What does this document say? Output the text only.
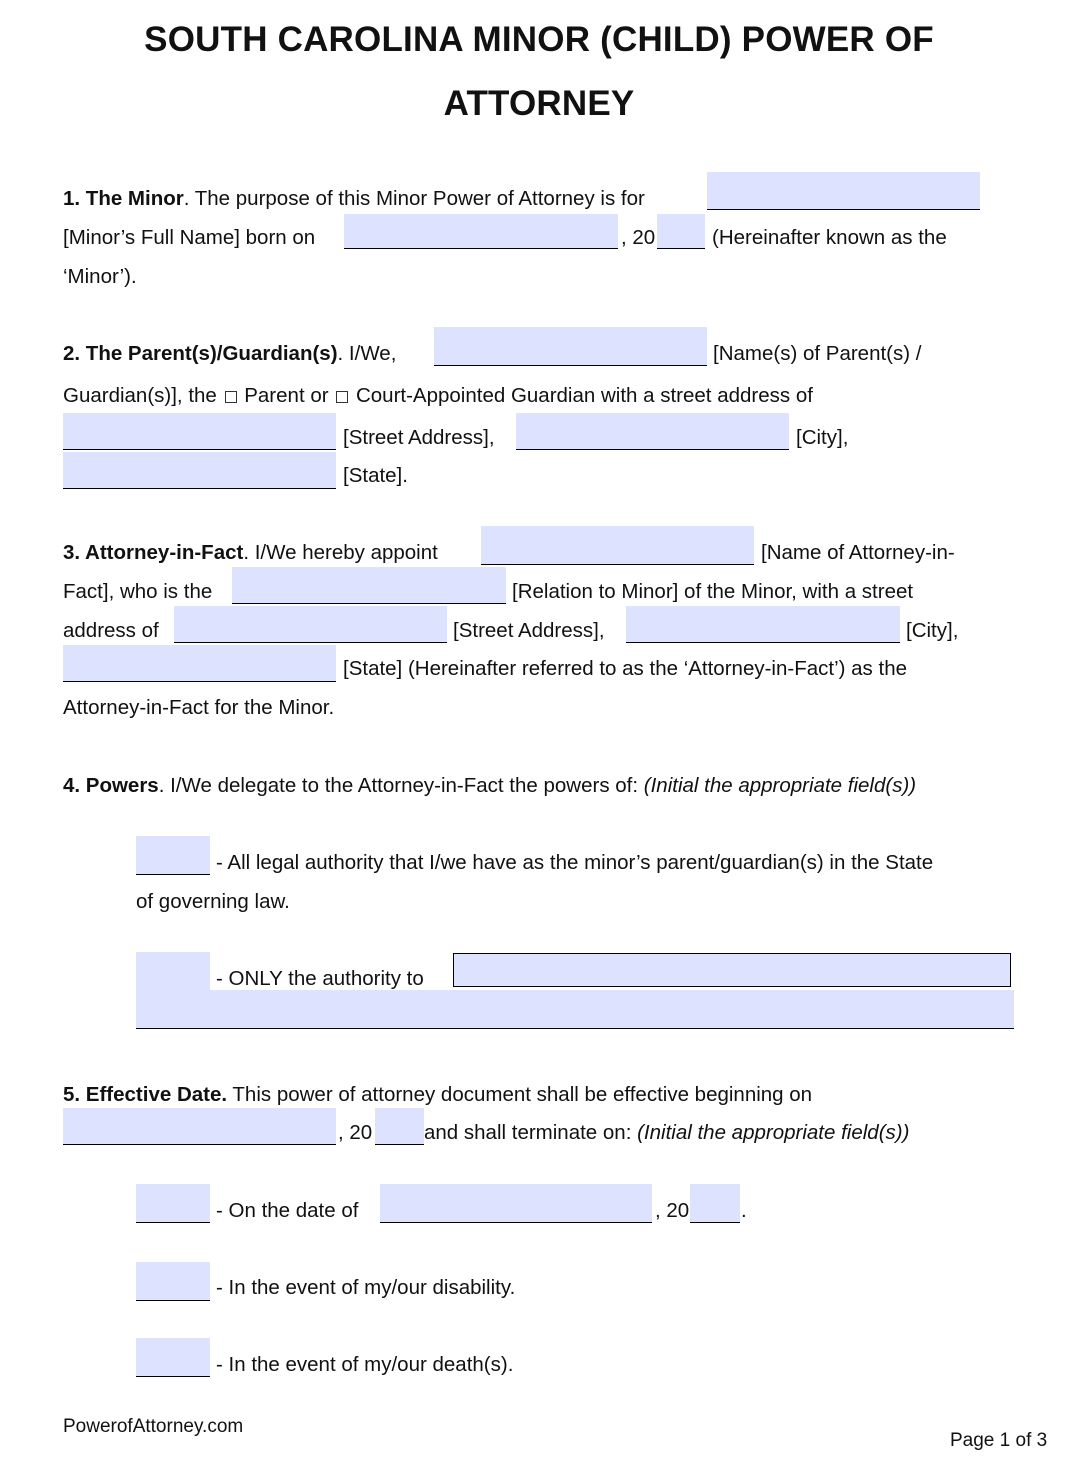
SOUTH CAROLINA MINOR (CHILD) POWER OF
ATTORNEY
1. The Minor. The purpose of this Minor Power of Attorney is for
[Minor’s Full Name] born on	, 20	(Hereinafter known as the
‘Minor’).
2. The Parent(s)/Guardian(s). I/We,	[Name(s) of Parent(s) /
Guardian(s)], the Parent or Court-Appointed Guardian with a street address of
[Street Address],	[City],
[State].
3. Attorney-in-Fact. I/We hereby appoint	[Name of Attorney-in-
Fact], who is the	[Relation to Minor] of the Minor, with a street
address of	[Street Address],	[City],
[State] (Hereinafter referred to as the ‘Attorney-in-Fact’) as the
Attorney-in-Fact for the Minor.
4. Powers. I/We delegate to the Attorney-in-Fact the powers of: (Initial the appropriate field(s))
- All legal authority that I/we have as the minor’s parent/guardian(s) in the State
of governing law.
- ONLY the authority to
5. Effective Date. This power of attorney document shall be effective beginning on
, 20	and shall terminate on: (Initial the appropriate field(s))
- On the date of	, 20	.
- In the event of my/our disability.
- In the event of my/our death(s).
PowerofAttorney.com
Page 1 of 3
